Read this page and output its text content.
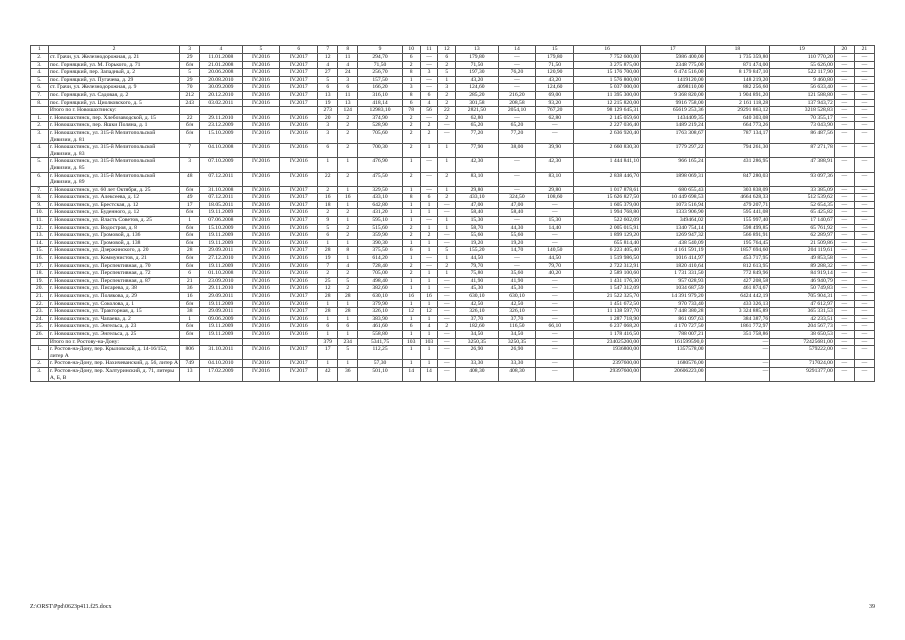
1	2	3	4	5	6	7	8	9	10	11	12	13	14	15	16	17	18	19	20	21
2.	ст. Грачи, ул. Железнодорожная, д. 21	29	11.01.2008	IV.2016	IV.2017	12	11	294,70	6	—	6	179,80	—	179,80	7 752 600,00	5986 400,00	1 735 359,80	110 770,20	—	—
3.	пос. Горняцкий, ул. М. Горького, д. 71	б/н	21.01.2008	IV.2016	IV.2017	4	4	71,50	2	—	2	71,50	—	71,50	3 275 875,00	2348 775,00	871 474,00	55 626,00	—	—
4.	пос. Горняцкий, пер. Западный, д. 2	5	20.06.2008	IV.2016	IV.2017	27	24	256,70	8	3	5	197,30	76,20	120,90	15 176 700,00	6 474 516,00	8 179 847,10	522 117,90	—	—
5.	пос. Горняцкий, ул. Пугачева, д. 29	29	20.08.2010	IV.2016	IV.2017	5	3	157,50	1	—	1	43,20	—	43,20	1 576 800,00	1419120,00	148 219,20	9 460,80	—	—
6.	ст. Грачи, ул. Железнодорожная, д. 9	70	30.09.2009	IV.2016	IV.2017	6	6	166,20	3	—	3	124,60	—	124,60	5 037 000,00	4098110,00	882 256,60	56 633,40	—	—
7.	пос. Горняцкий, ул. Садовая, д. 2	212	20.12.2010	IV.2016	IV.2017	13	11	316,10	8	6	2	285,20	216,20	69,00	11 395 300,00	9 368 820,00	1 904 891,20	121 588,80	—	—
8.	пос. Горняцкий, ул. Циолковского, д. 5	243	03.02.2011	IV.2016	IV.2017	19	13	418,14	6	4	2	301,58	208,58	93,20	12 215 820,00	9916 758,00	2 161 118,28	137 943,72	—	—
	Итого по г. Новошахтинску:					273	124	12983,10	78	56	22	2821,50	2054,10	767,20	98 129 645,31	65619 253,36	29291 863,12	3218 528,83	—	—
1.	г. Новошахтинск, пер. Хлебозаводской, д. 15	22	29.11.2010	IV.2016	IV.2016	20	2	374,90	2	—	2	62,80	—	62,80	2 145 059,60	1434409,35	640 303,08	70 355,17	—	—
2.	г. Новошахтинск, пер. Яшки Поляна, д. 1	б/н	23.12.2009	IV.2016	IV.2016	3	2	528,90	2	2	—	65,20	65,20	—	2 227 036,40	1489 219,24	664 773,26	73 043,90	—	—
3.	г. Новошахтинск, ул. 315-й Мелитопольской Дивизии, д. 81	б/н	15.10.2009	IV.2016	IV.2016	3	2	705,60	2	2	—	77,20	77,20	—	2 636 920,40	1763 308,67	787 134,17	86 487,56	—	—
4.	г. Новошахтинск, ул. 315-й Мелитопольской Дивизии, д. 83	7	04.10.2008	IV.2016	IV.2016	6	2	700,30	2	1	1	77,90	38,00	39,90	2 660 830,30	1779 297,22	794 261,30	87 271,78	—	—
5.	г. Новошахтинск, ул. 315-й Мелитопольской Дивизии, д. 85	3	07.10.2009	IV.2016	IV.2016	1	1	476,90	1	—	1	42,30	—	42,30	1 444 841,10	966 165,24	431 286,95	47 388,91	—	—
6.	г. Новошахтинск, ул. 315-й Мелитопольской Дивизии, д. 89	48	07.12.2011	IV.2016	IV.2016	22	2	475,50	2	—	2	83,10	—	83,10	2 838 446,70	1898 069,31	847 280,03	93 097,36	—	—
7.	г. Новошахтинск, ул. 60 лет Октября, д. 25	б/н	31.10.2008	IV.2016	IV.2017	2	1	329,50	1	—	1	29,80	—	29,80	1 017 878,61	680 655,43	303 838,09	33 385,09	—	—
8.	г. Новошахтинск, ул. Алексеева, д. 12	49	07.12.2011	IV.2016	IV.2017	16	16	433,10	8	6	2	433,10	324,50	108,60	15 626 827,50	10 449 698,53	4664 628,33	512 539,62	—	—
9.	г. Новошахтинск, ул. Брестская, д. 12	17	18.05.2011	IV.2016	IV.2017	18	1	642,80	1	1	—	47,00	47,00	—	1 605 379,00	1073 516,94	479 207,71	52 654,35	—	—
10.	г. Новошахтинск, ул. Буденного, д. 12	б/н	19.11.2009	IV.2016	IV.2016	2	2	431,20	1	1	—	58,40	58,40	—	1 994 768,80	1333 906,90	595 441,08	65 425,82	—	—
11.	г. Новошахтинск, ул. Власть Советов, д. 25	1	07.06.2008	IV.2016	IV.2017	9	1	595,10	1	—	1	15,30	—	15,30	522 602,09	349464,02	155 997,40	17 140,67	—	—
12.	г. Новошахтинск, ул. Водостроя, д. 8	б/н	15.10.2009	IV.2016	IV.2016	5	2	515,60	2	1	1	58,70	44,30	14,40	2 005 015,91	1340 754,14	598 499,85	65 761,92	—	—
13.	г. Новошахтинск, ул. Громовой, д. 136	б/н	19.11.2009	IV.2016	IV.2016	6	2	359,90	2	2	—	55,60	55,60	—	1 899 129,20	1269 947,32	566 891,91	62 289,97	—	—
14.	г. Новошахтинск, ул. Громовой, д. 138	б/н	19.11.2009	IV.2016	IV.2016	1	1	390,30	1	1	—	19,20	19,20	—	655 814,40	438 540,09	195 764,45	21 509,86	—	—
15.	г. Новошахтинск, ул. Дзержинского, д. 20	28	29.09.2011	IV.2016	IV.2017	28	8	375,50	6	1	5	155,20	14,70	140,50	6 223 405,40	4 161 591,19	1857 694,60	204 119,61	—	—
16.	г. Новошахтинск, ул. Коммунистов, д. 21	б/н	27.12.2010	IV.2016	IV.2016	19	1	614,20	1	—	1	44,50	—	44,50	1 519 986,50	1016 414,97	453 717,95	49 853,58	—	—
17.	г. Новошахтинск, ул. Перспективная, д. 70	б/н	19.11.2009	IV.2016	IV.2016	7	4	728,40	2	—	2	79,70	—	79,70	2 722 312,91	1820 410,64	812 613,95	89 288,32	—	—
18.	г. Новошахтинск, ул. Перспективная, д. 72	6	01.10.2008	IV.2016	IV.2016	2	2	705,00	2	1	1	75,80	35,60	40,20	2 589 100,60	1 731 331,50	772 849,96	84 919,14	—	—
19.	г. Новошахтинск, ул. Перспективная, д. 87	21	23.09.2010	IV.2016	IV.2016	25	5	498,40	1	1	—	41,90	41,90	—	1 431 176,30	957 028,93	427 208,58	46 940,79	—	—
20.	г. Новошахтинск, ул. Писарева, д. 38	36	29.11.2010	IV.2016	IV.2016	12	2	382,60	1	1	—	45,30	45,30	—	1 547 312,09	1034 687,59	461 874,67	50 749,83	—	—
21.	г. Новошахтинск, ул. Полякова, д. 29	16	29.09.2011	IV.2016	IV.2017	28	28	630,10	16	16	—	630,10	630,10	—	21 522 325,70	14 391 979,20	6424 442,19	705 904,31	—	—
22.	г. Новошахтинск, ул. Соколова, д. 1	б/н	19.11.2009	IV.2016	IV.2016	1	1	379,90	1	1	—	42,50	42,50	—	1 451 672,50	970 733,40	433 326,13	47 612,97	—	—
23.	г. Новошахтинск, ул. Тракторная, д. 15	38	29.09.2011	IV.2016	IV.2017	28	28	326,10	12	12	—	326,10	326,10	—	11 138 597,70	7 448 380,28	3 324 885,89	365 331,53	—	—
24.	г. Новошахтинск, ул. Чапаева, д. 2	1	09.06.2009	IV.2016	IV.2016	1	1	383,90	1	1	—	37,70	37,70	—	1 287 718,90	861 097,63	384 387,76	42 233,51	—	—
25.	г. Новошахтинск, ул. Энгельса, д. 23	б/н	19.11.2009	IV.2016	IV.2016	6	6	461,60	6	4	2	182,60	116,50	66,10	6 237 068,20	4 170 727,50	1861 772,97	204 567,73	—	—
26.	г. Новошахтинск, ул. Энгельса, д. 25	б/н	19.11.2009	IV.2016	IV.2016	1	1	558,80	1	1	—	34,50	34,50	—	1 178 416,50	788 007,21	351 758,86	38 650,53	—	—
	Итого по г. Ростову-на-Дону:					379	234	5341,75	103	103	—	3250,35	3250,35	—	234025200,00	161599590,0	—	72425681,00	—	—
1.	г. Ростов-на-Дону, пер. Крыловской, д. 14-16/152, литер А	806	31.10.2011	IV.2016	IV.2017	17	5	112,25	1	1	—	26,90	26,90	—	1936800,00	1357578,00	—	579222,00	—	—
2.	г. Ростов-на-Дону, пер. Нахичеванский, д. 56, литер А	749	04.10.2010	IV.2016	IV.2017	1	1	57,30	1	1	—	33,30	33,30	—	2397600,00	1680576,00	—	717024,00	—	—
3.	г. Ростов-на-Дону, пер. Халтуринский, д. 71, литеры А, Б, В	13	17.02.2009	IV.2016	IV.2017	42	36	501,10	14	14	—	408,30	408,30	—	29397600,00	20606223,00	—	9291377,00	—	—
Z:\ORST\Ppd\0623p411.f25.docx	39
